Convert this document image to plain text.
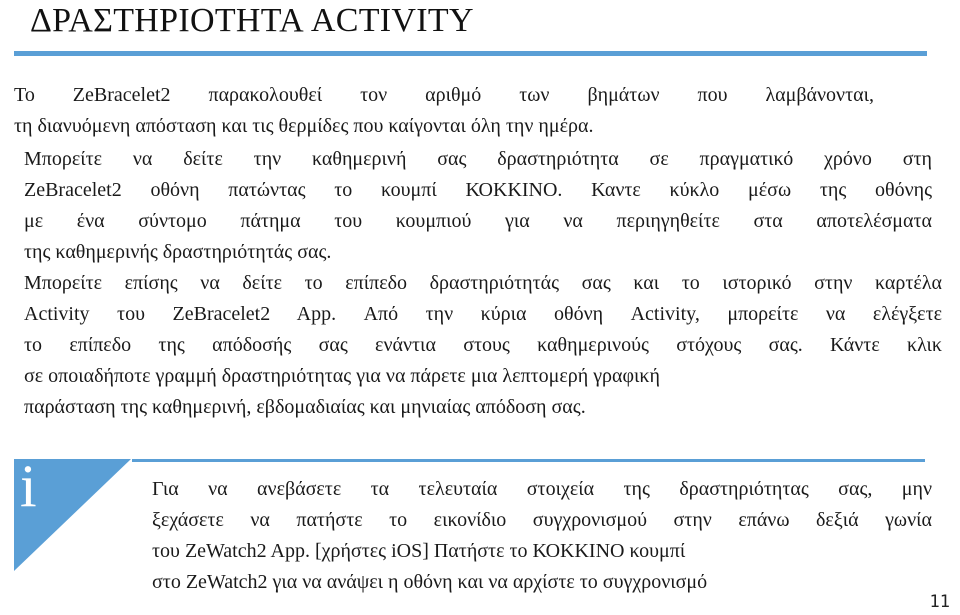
ΔΡΑΣΤΗΡΙΟΤΗΤΑ ACTIVITY
Το ZeBracelet2 παρακολουθεί τον αριθμό των βημάτων που λαμβάνονται,
τη διανυόμενη απόσταση και τις θερμίδες που καίγονται όλη την ημέρα.
Μπορείτε να δείτε την καθημερινή σας δραστηριότητα σε πραγματικό χρόνο στη
ZeBracelet2 οθόνη πατώντας το κουμπί ΚΟΚΚΙΝΟ. Καντε κύκλο μέσω της οθόνης
με ένα σύντομο πάτημα του κουμπιού για να περιηγηθείτε στα αποτελέσματα
της καθημερινής δραστηριότητάς σας.
Μπορείτε επίσης να δείτε το επίπεδο δραστηριότητάς σας και το ιστορικό στην καρτέλα
Activity του ZeBracelet2 App. Από την κύρια οθόνη Activity, μπορείτε να ελέγξετε
το επίπεδο της απόδοσής σας ενάντια στους καθημερινούς στόχους σας. Κάντε κλικ
σε οποιαδήποτε γραμμή δραστηριότητας για να πάρετε μια λεπτομερή γραφική
παράσταση της καθημερινή, εβδομαδιαίας και μηνιαίας απόδοση σας.
i	Για να ανεβάσετε τα τελευταία στοιχεία της δραστηριότητας σας, μην
ξεχάσετε να πατήστε το εικονίδιο συγχρονισμού στην επάνω δεξιά γωνία
του ZeWatch2 App. [χρήστες iOS] Πατήστε το ΚΟΚΚΙΝΟ κουμπί
στο ZeWatch2 για να ανάψει η οθόνη και να αρχίστε το συγχρονισμό
11
